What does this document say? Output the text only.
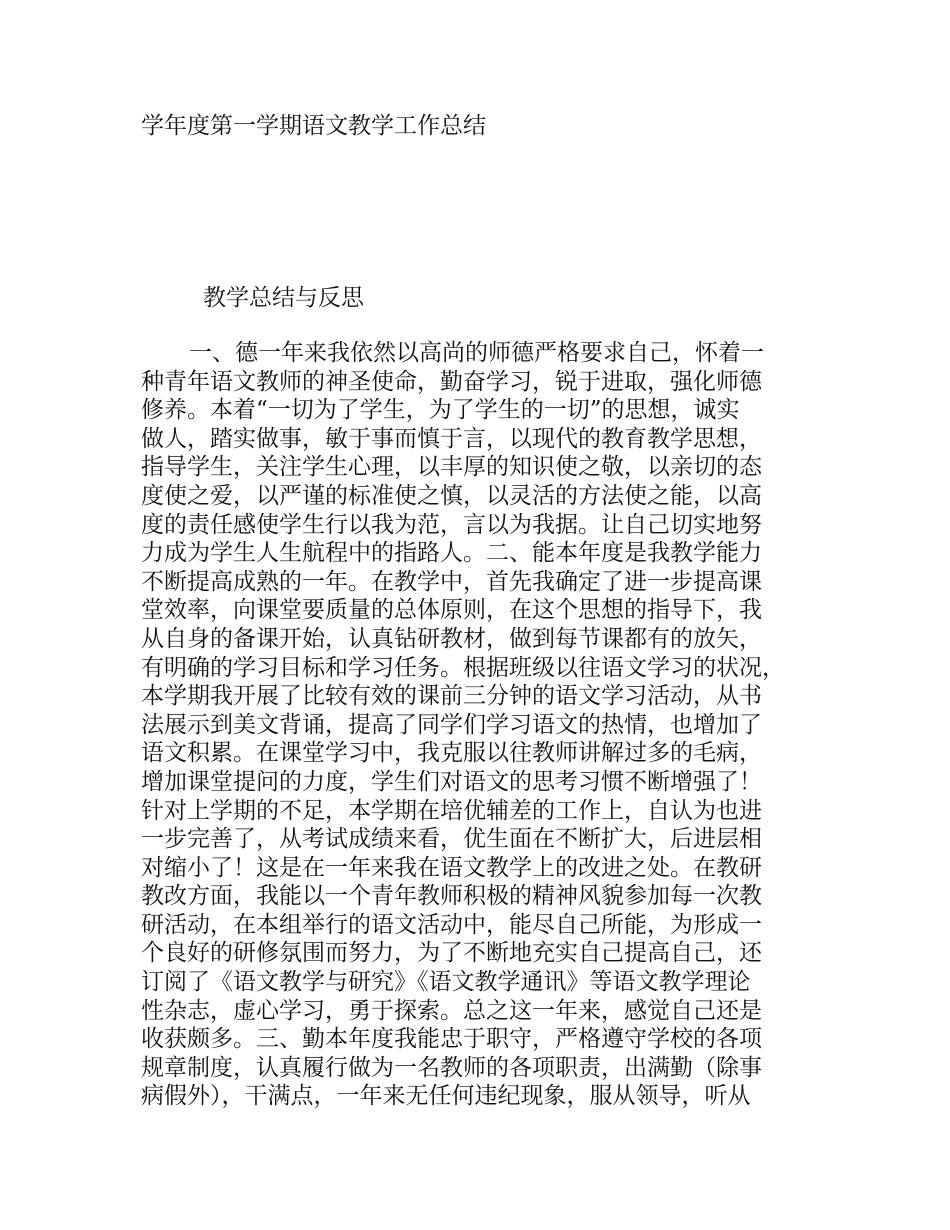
学年度第一学期语文教学工作总结
教学总结与反思
一、德一年来我依然以高尚的师德严格要求自己，怀着一
种青年语文教师的神圣使命，勤奋学习，锐于进取，强化师德
修养。本着“一切为了学生，为了学生的一切”的思想，诚实
做人，踏实做事，敏于事而慎于言，以现代的教育教学思想，
指导学生，关注学生心理，以丰厚的知识使之敬，以亲切的态
度使之爱，以严谨的标准使之慎，以灵活的方法使之能，以高
度的责任感使学生行以我为范，言以为我据。让自己切实地努
力成为学生人生航程中的指路人。二、能本年度是我教学能力
不断提高成熟的一年。在教学中，首先我确定了进一步提高课
堂效率，向课堂要质量的总体原则，在这个思想的指导下，我
从自身的备课开始，认真钻研教材，做到每节课都有的放矢，
有明确的学习目标和学习任务。根据班级以往语文学习的状况，
本学期我开展了比较有效的课前三分钟的语文学习活动，从书
法展示到美文背诵，提高了同学们学习语文的热情，也增加了
语文积累。在课堂学习中，我克服以往教师讲解过多的毛病，
增加课堂提问的力度，学生们对语文的思考习惯不断增强了！
针对上学期的不足，本学期在培优辅差的工作上，自认为也进
一步完善了，从考试成绩来看，优生面在不断扩大，后进层相
对缩小了！这是在一年来我在语文教学上的改进之处。在教研
教改方面，我能以一个青年教师积极的精神风貌参加每一次教
研活动，在本组举行的语文活动中，能尽自己所能，为形成一
个良好的研修氛围而努力，为了不断地充实自己提高自己，还
订阅了《语文教学与研究》《语文教学通讯》等语文教学理论
性杂志，虚心学习，勇于探索。总之这一年来，感觉自己还是
收获颇多。三、勤本年度我能忠于职守，严格遵守学校的各项
规章制度，认真履行做为一名教师的各项职责，出满勤（除事
病假外），干满点，一年来无任何违纪现象，服从领导，听从
